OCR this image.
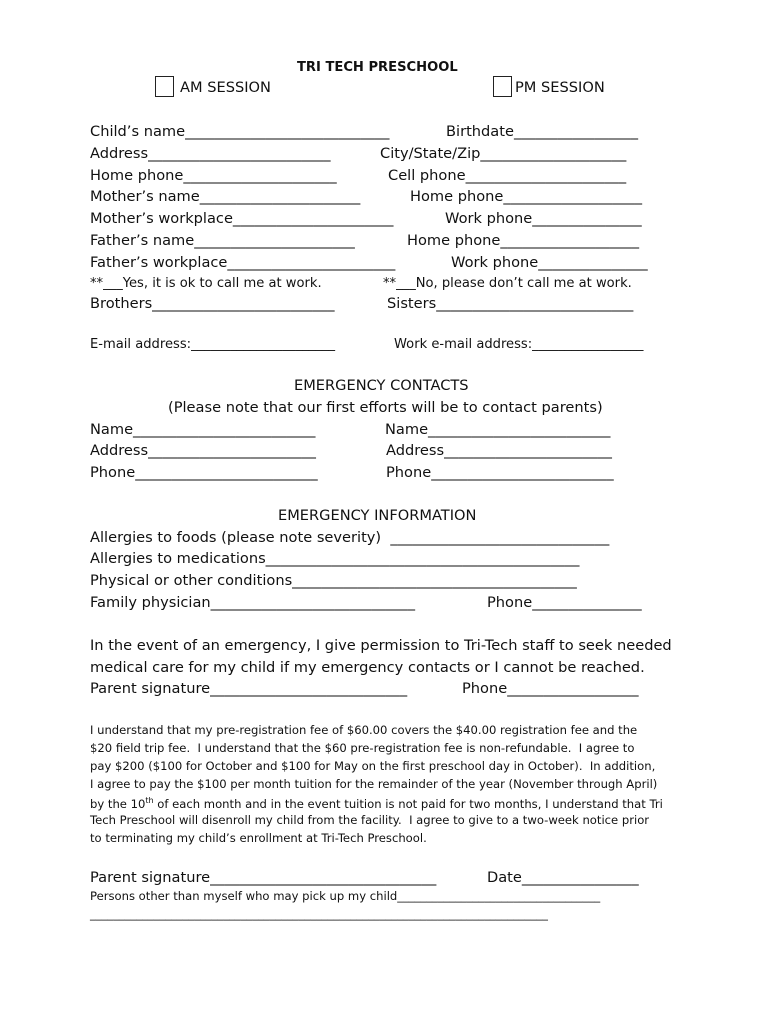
TRI TECH PRESCHOOL
AM SESSION	PM SESSION
Child’s name____________________________	Birthdate_________________
Address_________________________	City/State/Zip____________________
Home phone_____________________	Cell phone______________________
Mother’s name______________________	Home phone___________________
Mother’s workplace______________________	Work phone_______________
Father’s name______________________	Home phone___________________
Father’s workplace_______________________	Work phone_______________
**___Yes, it is ok to call me at work.	**___No, please don’t call me at work.
Brothers_________________________	Sisters___________________________
E-mail address:______________________	Work e-mail address:_________________
EMERGENCY CONTACTS
(Please note that our first efforts will be to contact parents)
Name_________________________	Name_________________________
Address_______________________	Address_______________________
Phone_________________________	Phone_________________________
EMERGENCY INFORMATION
Allergies to foods (please note severity)  ______________________________
Allergies to medications___________________________________________
Physical or other conditions_______________________________________
Family physician____________________________	Phone_______________
In the event of an emergency, I give permission to Tri-Tech staff to seek needed
medical care for my child if my emergency contacts or I cannot be reached.
Parent signature___________________________	Phone__________________
I understand that my pre-registration fee of $60.00 covers the $40.00 registration fee and the
$20 field trip fee.  I understand that the $60 pre-registration fee is non-refundable.  I agree to
pay $200 ($100 for October and $100 for May on the first preschool day in October).  In addition,
I agree to pay the $100 per month tuition for the remainder of the year (November through April)
by the 10th of each month and in the event tuition is not paid for two months, I understand that Tri
Tech Preschool will disenroll my child from the facility.  I agree to give to a two-week notice prior
to terminating my child’s enrollment at Tri-Tech Preschool.
Parent signature_______________________________	Date________________
Persons other than myself who may pick up my child___________________________________
_______________________________________________________________________________
